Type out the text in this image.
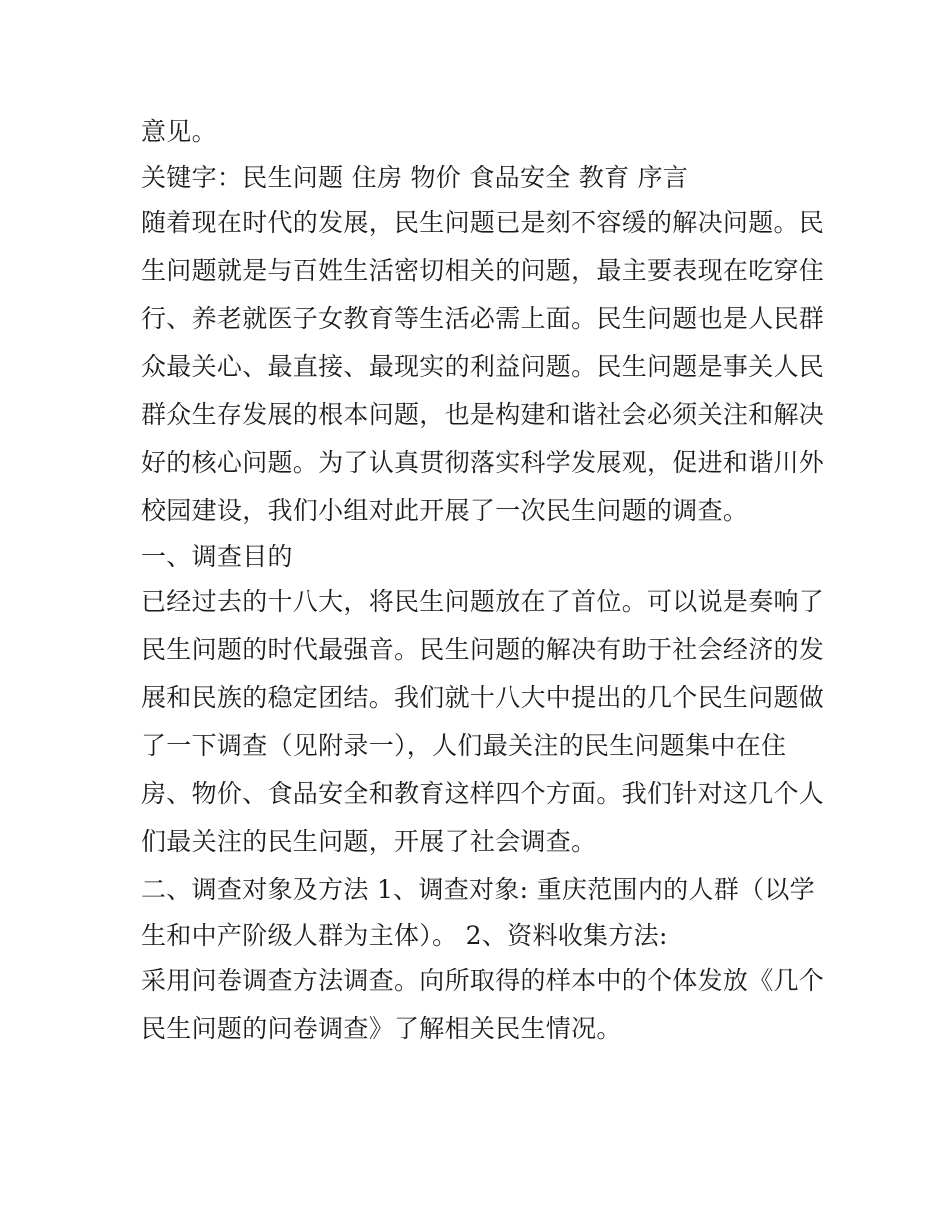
意见。
关键字：民生问题 住房 物价 食品安全 教育 序言
随着现在时代的发展，民生问题已是刻不容缓的解决问题。民
生问题就是与百姓生活密切相关的问题，最主要表现在吃穿住
行、养老就医子女教育等生活必需上面。民生问题也是人民群
众最关心、最直接、最现实的利益问题。民生问题是事关人民
群众生存发展的根本问题，也是构建和谐社会必须关注和解决
好的核心问题。为了认真贯彻落实科学发展观，促进和谐川外
校园建设，我们小组对此开展了一次民生问题的调查。
一、调查目的
已经过去的十八大，将民生问题放在了首位。可以说是奏响了
民生问题的时代最强音。民生问题的解决有助于社会经济的发
展和民族的稳定团结。我们就十八大中提出的几个民生问题做
了一下调查（见附录一），人们最关注的民生问题集中在住
房、物价、食品安全和教育这样四个方面。我们针对这几个人
们最关注的民生问题，开展了社会调查。
二、调查对象及方法 1、调查对象: 重庆范围内的人群（以学
生和中产阶级人群为主体）。 2、资料收集方法:
采用问卷调查方法调查。向所取得的样本中的个体发放《几个
民生问题的问卷调查》了解相关民生情况。
